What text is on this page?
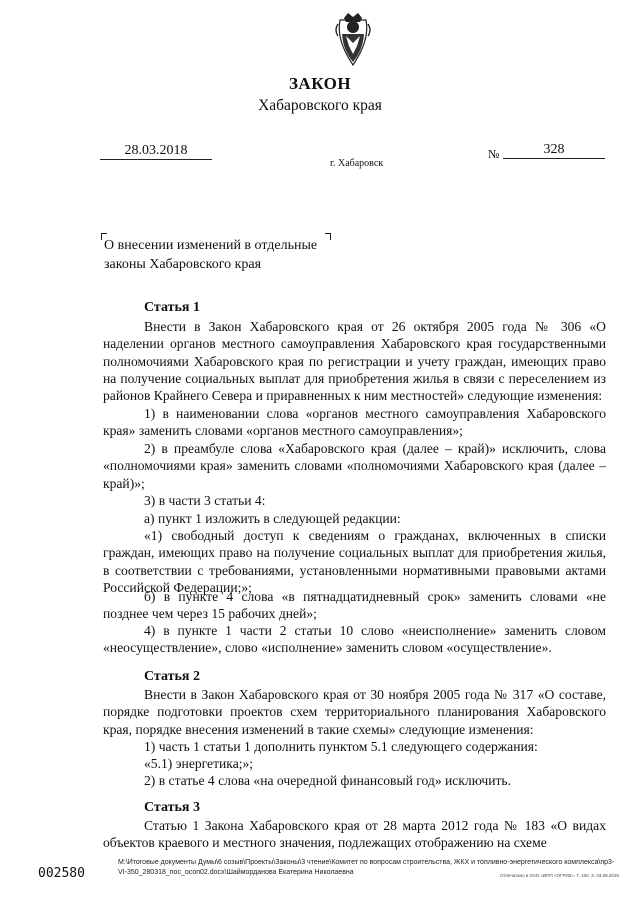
ЗАКОН
Хабаровского края
28.03.2018	№	328
г. Хабаровск
О внесении изменений в отдельные законы Хабаровского края
Статья 1

Внести в Закон Хабаровского края от 26 октября 2005 года № 306 «О наделении органов местного самоуправления Хабаровского края государственными полномочиями Хабаровского края по регистрации и учету граждан, имеющих право на получение социальных выплат для приобретения жилья в связи с переселением из районов Крайнего Севера и приравненных к ним местностей» следующие изменения:

1) в наименовании слова «органов местного самоуправления Хабаровского края» заменить словами «органов местного самоуправления»;

2) в преамбуле слова «Хабаровского края (далее – край)» исключить, слова «полномочиями края» заменить словами «полномочиями Хабаровского края (далее – край)»;

3) в части 3 статьи 4:

а) пункт 1 изложить в следующей редакции:

«1) свободный доступ к сведениям о гражданах, включенных в списки граждан, имеющих право на получение социальных выплат для приобретения жилья, в соответствии с требованиями, установленными нормативными правовыми актами Российской Федерации;»;

б) в пункте 4 слова «в пятнадцатидневный срок» заменить словами «не позднее чем через 15 рабочих дней»;

4) в пункте 1 части 2 статьи 10 слово «неисполнение» заменить словом «неосуществление», слово «исполнение» заменить словом «осуществление».

Статья 2

Внести в Закон Хабаровского края от 30 ноября 2005 года № 317 «О составе, порядке подготовки проектов схем территориального планирования Хабаровского края, порядке внесения изменений в такие схемы» следующие изменения:

1) часть 1 статьи 1 дополнить пунктом 5.1 следующего содержания:

«5.1) энергетика;»;

2) в статье 4 слова «на очередной финансовый год» исключить.

Статья 3

Статью 1 Закона Хабаровского края от 28 марта 2012 года № 183 «О видах объектов краевого и местного значения, подлежащих отображению на схеме

002580
M:\Итоговые документы Думы\6 созыв\Проекты\Законы\3 чтение\Комитет по вопросам строительства, ЖКХ и топливно-энергетического комплекса\пр3-VI-350_280318_пос_осоп02.docx\Шайморданова Екатерина Николаевна	Отпечатано в ОАО «ИПП «ОГРИЗ». Т. 100. З. 03.09.2016
